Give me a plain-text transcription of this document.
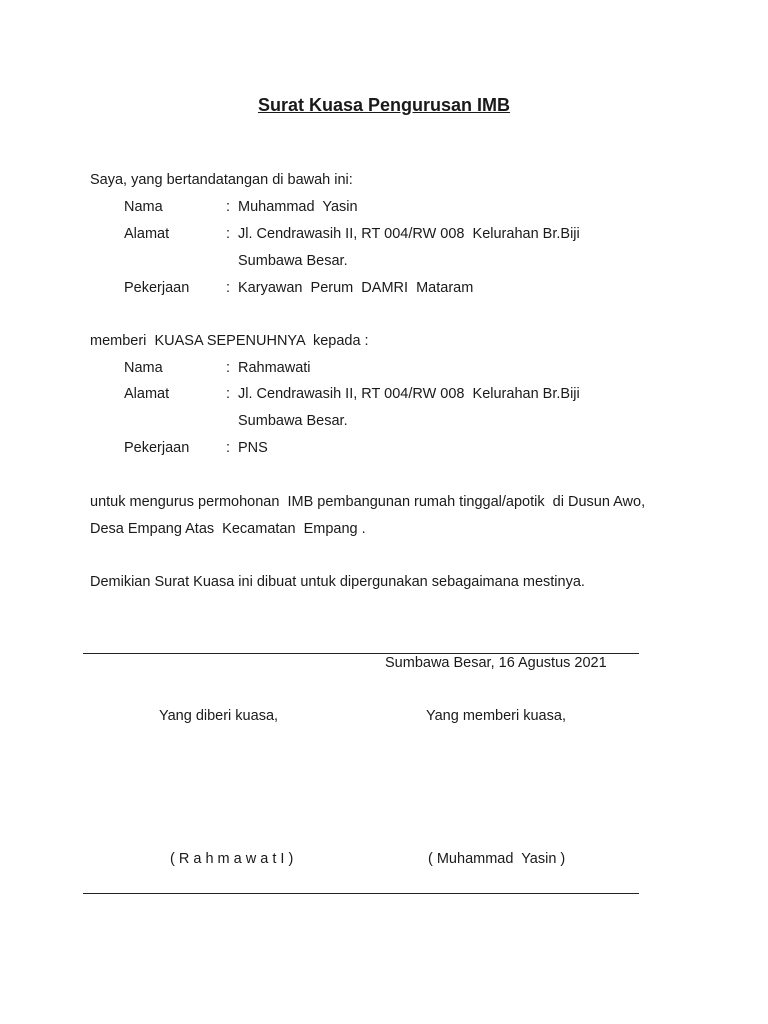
Surat Kuasa Pengurusan IMB
Saya, yang bertandatangan di bawah ini:
Nama	: Muhammad  Yasin
Alamat	: Jl. Cendrawasih II, RT 004/RW 008  Kelurahan Br.Biji
Sumbawa Besar.
Pekerjaan	: Karyawan  Perum  DAMRI  Mataram
memberi  KUASA SEPENUHNYA  kepada :
Nama	: Rahmawati
Alamat	: Jl. Cendrawasih II, RT 004/RW 008  Kelurahan Br.Biji
Sumbawa Besar.
Pekerjaan	: PNS
untuk mengurus permohonan  IMB pembangunan rumah tinggal/apotik  di Dusun Awo,
Desa Empang Atas  Kecamatan  Empang .
Demikian Surat Kuasa ini dibuat untuk dipergunakan sebagaimana mestinya.
Sumbawa Besar, 16 Agustus 2021
Yang diberi kuasa,	Yang memberi kuasa,
( R a h m a w a t I )	( Muhammad  Yasin )
